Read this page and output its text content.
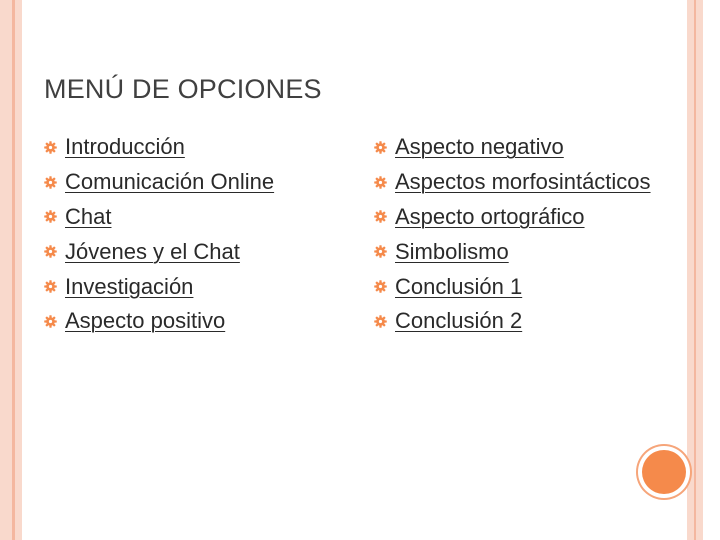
MENÚ DE OPCIONES
Introducción
Comunicación Online
Chat
Jóvenes y el Chat
Investigación
Aspecto positivo
Aspecto negativo
Aspectos morfosintácticos
Aspecto ortográfico
Simbolismo
Conclusión 1
Conclusión 2
